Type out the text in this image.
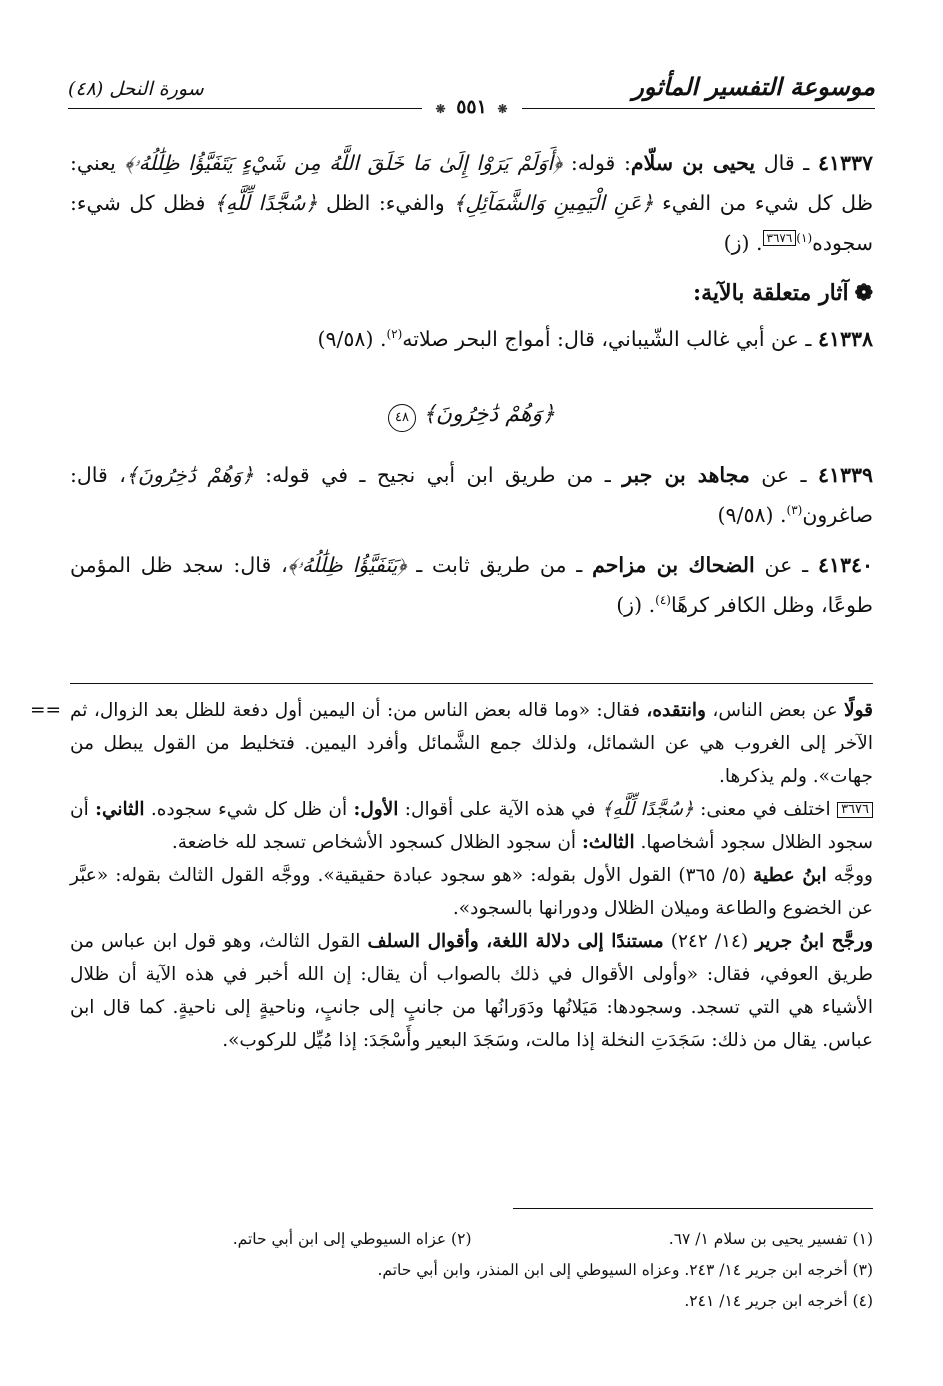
موسوعة التفسير المأثور
سورة النحل (٤٨)
❋ ٥٥١ ❋

٤١٣٣٧ ـ قال يحيى بن سلّام: قوله: ﴿أَوَلَمْ يَرَوْا إِلَىٰ مَا خَلَقَ اللَّهُ مِن شَيْءٍ يَتَفَيَّؤُا ظِلَٰلُهُۥ﴾ يعني: ظل كل شيء من الفيء ﴿عَنِ الْيَمِينِ وَالشَّمَآئِلِ﴾ والفيء: الظل ﴿سُجَّدًا لِّلَّهِ﴾ فظل كل شيء: سجوده$^{(١)}$٣٦٧٦. (ز)

❁آثار متعلقة بالآية:

٤١٣٣٨ ـ عن أبي غالب الشّيباني، قال: أمواج البحر صلاته$^{(٢)}$. (٩/٥٨)

﴿وَهُمْ دَٰخِرُونَ﴾ ٤٨

٤١٣٣٩ ـ عن مجاهد بن جبر ـ من طريق ابن أبي نجيح ـ في قوله: ﴿وَهُمْ دَٰخِرُونَ﴾، قال: صاغرون$^{(٣)}$. (٩/٥٨)

٤١٣٤٠ ـ عن الضحاك بن مزاحم ـ من طريق ثابت ـ ﴿يَتَفَيَّؤُا ظِلَٰلُهُۥ﴾، قال: سجد ظل المؤمن طوعًا، وظل الكافر كرهًا$^{(٤)}$. (ز)

==	قولًا عن بعض الناس، وانتقده، فقال: «وما قاله بعض الناس من: أن اليمين أول دفعة للظل بعد الزوال، ثم الآخر إلى الغروب هي عن الشمائل، ولذلك جمع الشَّمائل وأفرد اليمين. فتخليط من القول يبطل من جهات». ولم يذكرها.

٣٦٧٦ اختلف في معنى: ﴿سُجَّدًا لِّلَّهِ﴾ في هذه الآية على أقوال: الأول: أن ظل كل شيء سجوده. الثاني: أن سجود الظلال سجود أشخاصها. الثالث: أن سجود الظلال كسجود الأشخاص تسجد لله خاضعة.

ووجَّه ابنُ عطية (٥/ ٣٦٥) القول الأول بقوله: «هو سجود عبادة حقيقية». ووجَّه القول الثالث بقوله: «عبَّر عن الخضوع والطاعة وميلان الظلال ودورانها بالسجود».

ورجَّح ابنُ جرير (١٤/ ٢٤٢) مستندًا إلى دلالة اللغة، وأقوال السلف القول الثالث، وهو قول ابن عباس من طريق العوفي، فقال: «وأولى الأقوال في ذلك بالصواب أن يقال: إن الله أخبر في هذه الآية أن ظلال الأشياء هي التي تسجد. وسجودها: مَيَلانُها ودَوَرانُها من جانبٍ إلى جانبٍ، وناحيةٍ إلى ناحيةٍ. كما قال ابن عباس. يقال من ذلك: سَجَدَتِ النخلة إذا مالت، وسَجَدَ البعير وأَسْجَدَ: إذا مُيِّل للركوب».

(١) تفسير يحيى بن سلام ١/ ٦٧.
(٢) عزاه السيوطي إلى ابن أبي حاتم.
(٣) أخرجه ابن جرير ١٤/ ٢٤٣. وعزاه السيوطي إلى ابن المنذر، وابن أبي حاتم.
(٤) أخرجه ابن جرير ١٤/ ٢٤١.
